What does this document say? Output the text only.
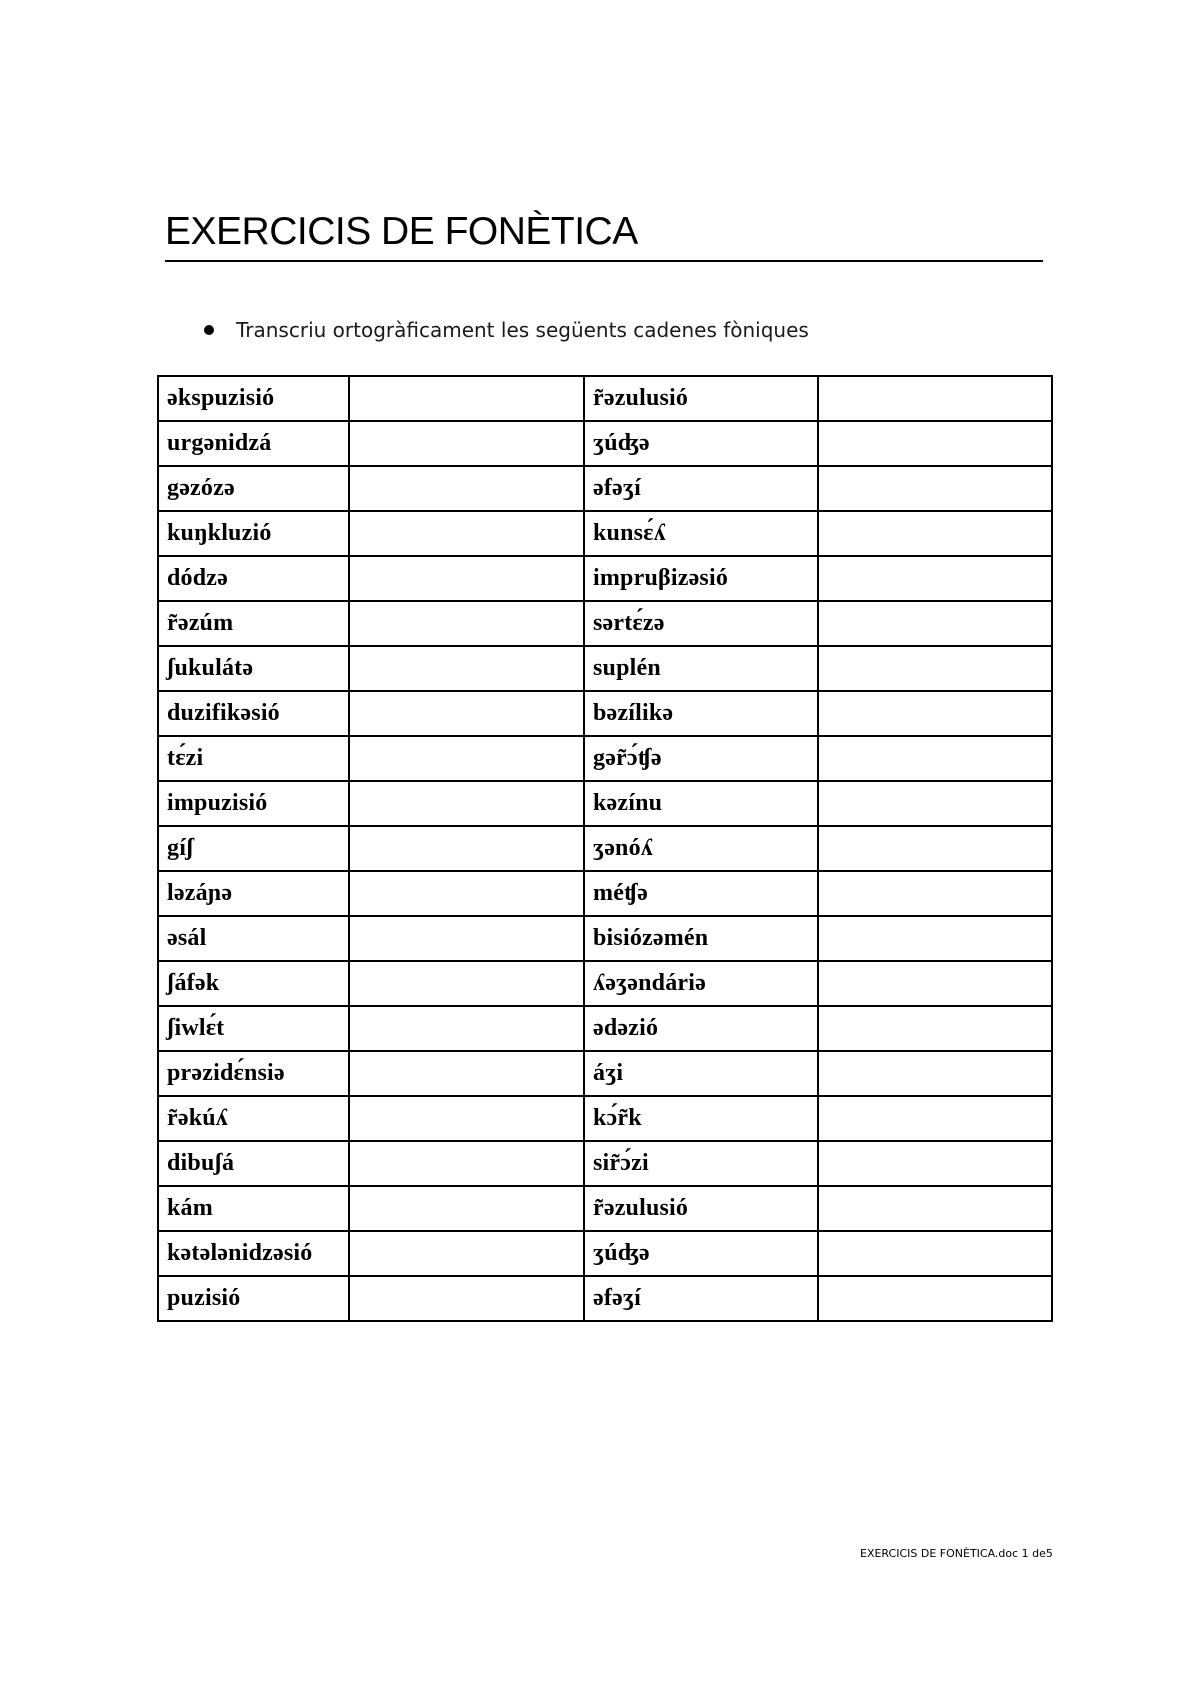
EXERCICIS DE FONÈTICA
Transcriu ortogràficament les següents cadenes fòniques
əkspuzisió		r̃əzulusió	
urgənidzá		ʒúʤə	
gəzózə		əfəʒí	
kuŋkluzió		kunsɛ́ʎ	
dódzə		impruβizəsió	
r̃əzúm		sərtɛ́zə	
ʃukulátə		suplén	
duzifikəsió		bəzílikə	
tɛ́zi		gər̃ɔ́ʧə	
impuzisió		kəzínu	
gíʃ		ʒənóʎ	
ləzáɲə		méʧə	
əsál		bisiózəmén	
ʃáfək		ʎəʒəndáriə	
ʃiwlɛ́t		ədəzió	
prəzidɛ́nsiə		áʒi	
r̃əkúʎ		kɔ́r̃k	
dibuʃá		sir̃ɔ́zi	
kám		r̃əzulusió	
kətələnidzəsió		ʒúʤə	
puzisió		əfəʒí	
EXERCICIS DE FONÈTICA.doc 1 de5
